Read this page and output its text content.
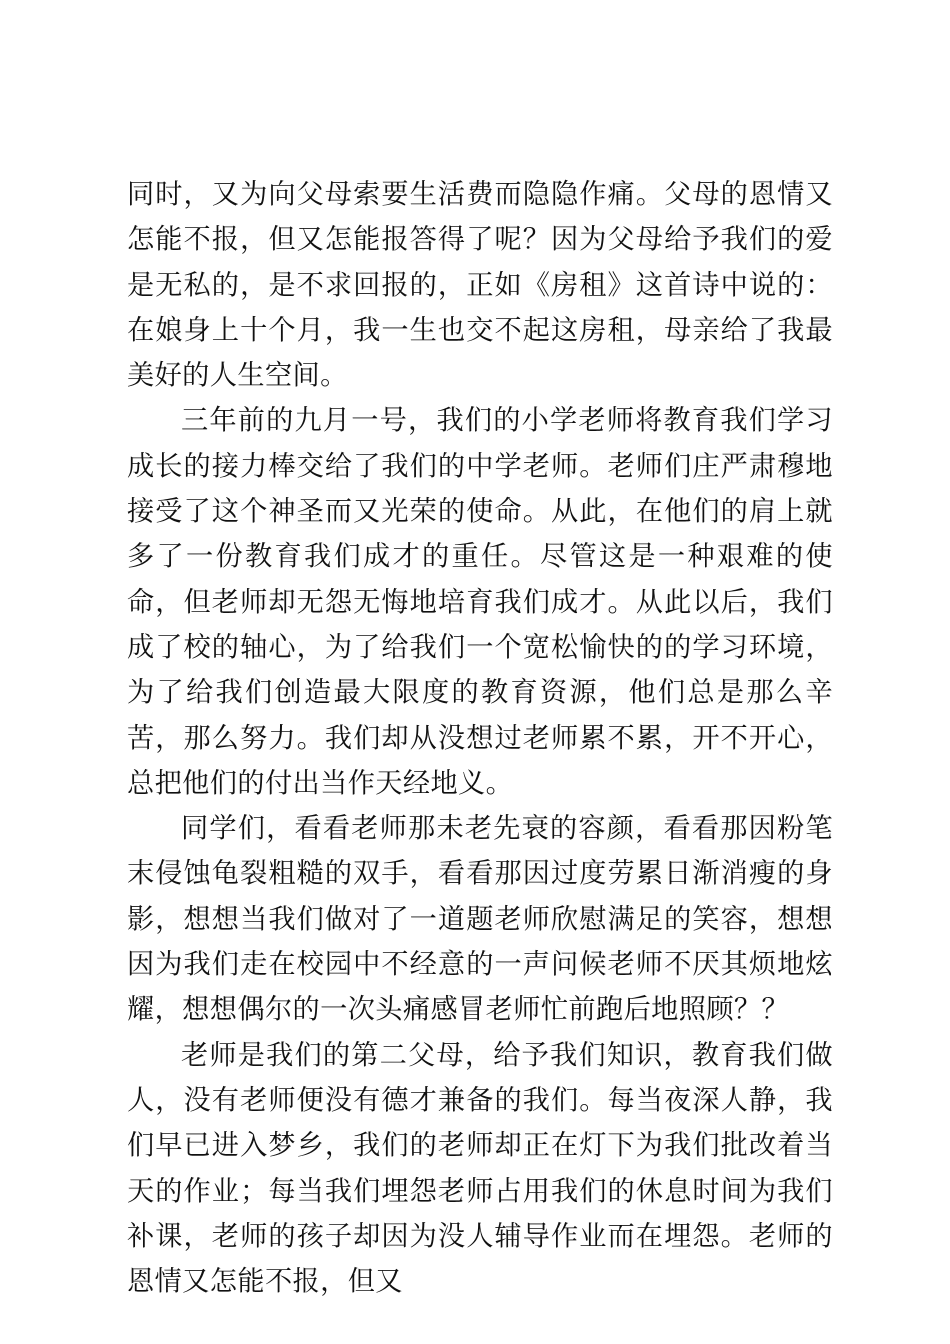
同时，又为向父母索要生活费而隐隐作痛。父母的恩情又怎能不报，但又怎能报答得了呢？因为父母给予我们的爱是无私的，是不求回报的，正如《房租》这首诗中说的：在娘身上十个月，我一生也交不起这房租，母亲给了我最美好的人生空间。

三年前的九月一号，我们的小学老师将教育我们学习成长的接力棒交给了我们的中学老师。老师们庄严肃穆地接受了这个神圣而又光荣的使命。从此，在他们的肩上就多了一份教育我们成才的重任。尽管这是一种艰难的使命，但老师却无怨无悔地培育我们成才。从此以后，我们成了校的轴心，为了给我们一个宽松愉快的的学习环境，为了给我们创造最大限度的教育资源，他们总是那么辛苦，那么努力。我们却从没想过老师累不累，开不开心，总把他们的付出当作天经地义。

同学们，看看老师那未老先衰的容颜，看看那因粉笔末侵蚀龟裂粗糙的双手，看看那因过度劳累日渐消瘦的身影，想想当我们做对了一道题老师欣慰满足的笑容，想想因为我们走在校园中不经意的一声问候老师不厌其烦地炫耀，想想偶尔的一次头痛感冒老师忙前跑后地照顾？？

老师是我们的第二父母，给予我们知识，教育我们做人，没有老师便没有德才兼备的我们。每当夜深人静，我们早已进入梦乡，我们的老师却正在灯下为我们批改着当天的作业；每当我们埋怨老师占用我们的休息时间为我们补课，老师的孩子却因为没人辅导作业而在埋怨。老师的恩情又怎能不报，但又
